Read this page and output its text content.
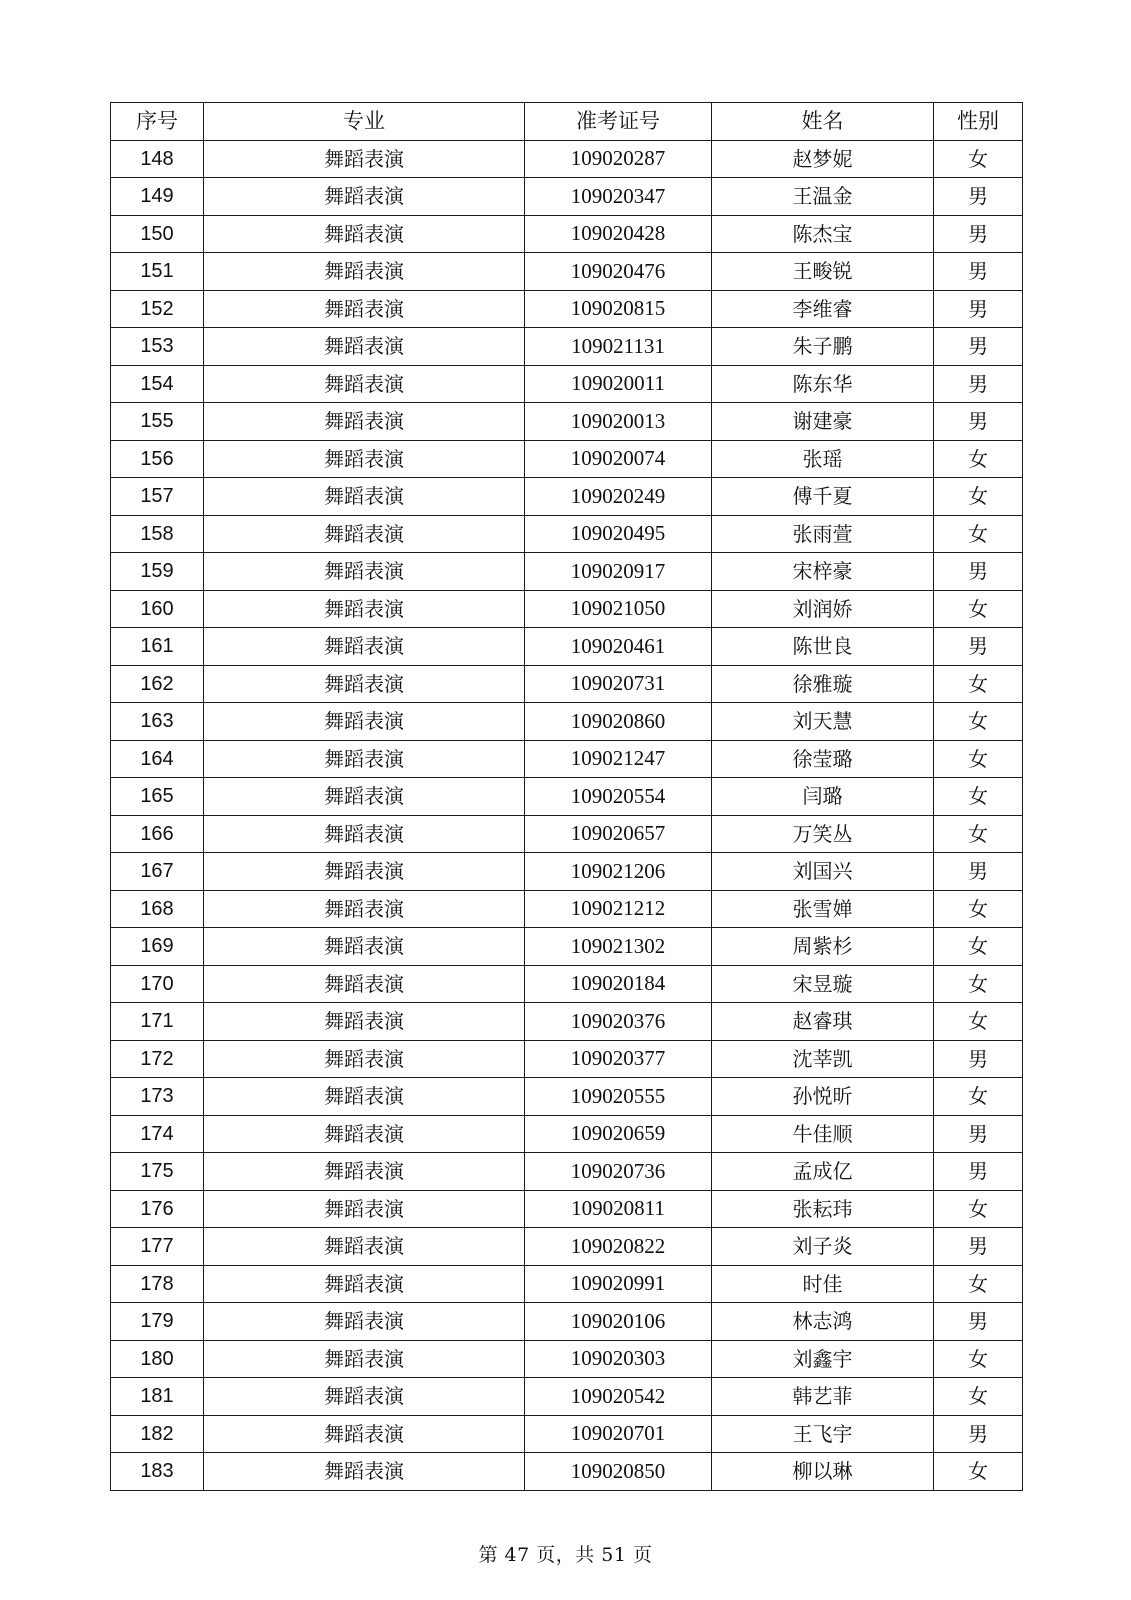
序号	专业	准考证号	姓名	性别
148	舞蹈表演	109020287	赵梦妮	女
149	舞蹈表演	109020347	王温金	男
150	舞蹈表演	109020428	陈杰宝	男
151	舞蹈表演	109020476	王畯锐	男
152	舞蹈表演	109020815	李维睿	男
153	舞蹈表演	109021131	朱子鹏	男
154	舞蹈表演	109020011	陈东华	男
155	舞蹈表演	109020013	谢建豪	男
156	舞蹈表演	109020074	张瑶	女
157	舞蹈表演	109020249	傅千夏	女
158	舞蹈表演	109020495	张雨萱	女
159	舞蹈表演	109020917	宋梓豪	男
160	舞蹈表演	109021050	刘润娇	女
161	舞蹈表演	109020461	陈世良	男
162	舞蹈表演	109020731	徐雅璇	女
163	舞蹈表演	109020860	刘天慧	女
164	舞蹈表演	109021247	徐莹璐	女
165	舞蹈表演	109020554	闫璐	女
166	舞蹈表演	109020657	万笑丛	女
167	舞蹈表演	109021206	刘国兴	男
168	舞蹈表演	109021212	张雪婵	女
169	舞蹈表演	109021302	周紫杉	女
170	舞蹈表演	109020184	宋昱璇	女
171	舞蹈表演	109020376	赵睿琪	女
172	舞蹈表演	109020377	沈莘凯	男
173	舞蹈表演	109020555	孙悦昕	女
174	舞蹈表演	109020659	牛佳顺	男
175	舞蹈表演	109020736	孟成亿	男
176	舞蹈表演	109020811	张耘玮	女
177	舞蹈表演	109020822	刘子炎	男
178	舞蹈表演	109020991	时佳	女
179	舞蹈表演	109020106	林志鸿	男
180	舞蹈表演	109020303	刘鑫宇	女
181	舞蹈表演	109020542	韩艺菲	女
182	舞蹈表演	109020701	王飞宇	男
183	舞蹈表演	109020850	柳以琳	女
第 47 页，共 51 页
